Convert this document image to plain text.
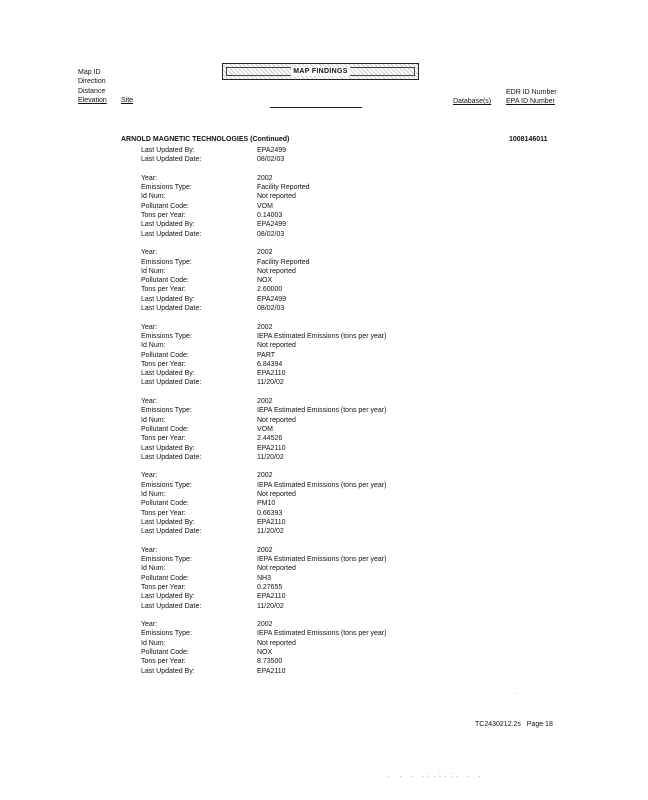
Map ID
Direction
Distance
Elevation Site
MAP FINDINGS
Database(s)
EDR ID Number
EPA ID Number
ARNOLD MAGNETIC TECHNOLOGIES (Continued)	1008146011
Last Updated By:	EPA2499
Last Updated Date:	08/02/03
Year:	2002
Emissions Type:	Facility Reported
Id Num:	Not reported
Pollutant Code:	VOM
Tons per Year:	0.14003
Last Updated By:	EPA2499
Last Updated Date:	08/02/03
Year:	2002
Emissions Type:	Facility Reported
Id Num:	Not reported
Pollutant Code:	NOX
Tons per Year:	2.60000
Last Updated By:	EPA2499
Last Updated Date:	08/02/03
Year:	2002
Emissions Type:	IEPA Estimated Emissions (tons per year)
Id Num:	Not reported
Pollutant Code:	PART
Tons per Year:	6.84394
Last Updated By:	EPA2110
Last Updated Date:	11/20/02
Year:	2002
Emissions Type:	IEPA Estimated Emissions (tons per year)
Id Num:	Not reported
Pollutant Code:	VOM
Tons per Year:	2.44526
Last Updated By:	EPA2110
Last Updated Date:	11/20/02
Year:	2002
Emissions Type:	IEPA Estimated Emissions (tons per year)
Id Num:	Not reported
Pollutant Code:	PM10
Tons per Year:	0.66393
Last Updated By:	EPA2110
Last Updated Date:	11/20/02
Year:	2002
Emissions Type:	IEPA Estimated Emissions (tons per year)
Id Num:	Not reported
Pollutant Code:	NH3
Tons per Year:	0.27655
Last Updated By:	EPA2110
Last Updated Date:	11/20/02
Year:	2002
Emissions Type:	IEPA Estimated Emissions (tons per year)
Id Num:	Not reported
Pollutant Code:	NOX
Tons per Year:	8.73500
Last Updated By:	EPA2110
·
TC2430212.2s Page 18
. . . .:.:.:. . .
